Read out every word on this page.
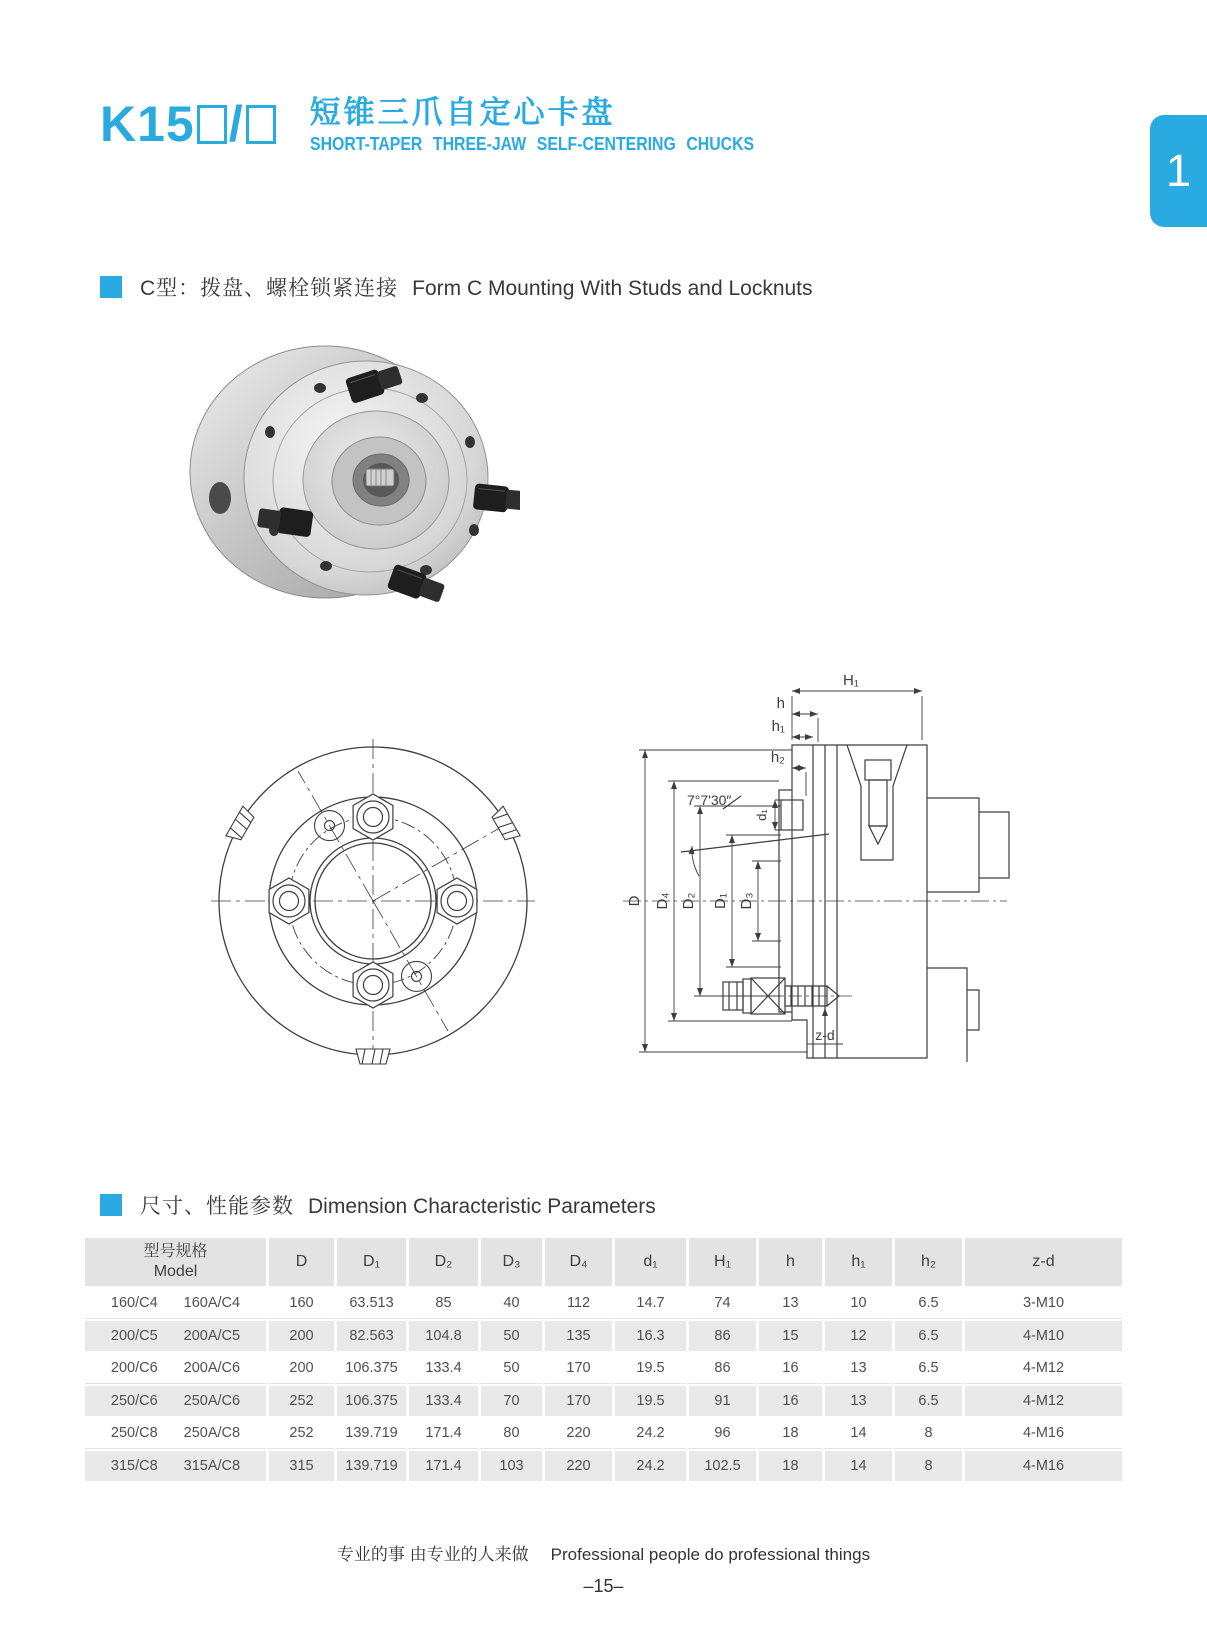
K15 /	短锥三爪自定心卡盘
SHORT-TAPER THREE-JAW SELF-CENTERING CHUCKS
1
C型：拨盘、螺栓锁紧连接 Form C Mounting With Studs and Locknuts
H₁
h
h₁
h₂
7°7'30″
d₁
D D₄ D₂ D₁ D₃
z-d
尺寸、性能参数 Dimension Characteristic Parameters
型号规格
Model	D	D₁	D₂	D₃	D₄	d₁	H₁	h	h₁	h₂	z-d

160/C4 160A/C4	160	63.513	85	40	112	14.7	74	13	10	6.5	3-M10

200/C5 200A/C5	200	82.563	104.8	50	135	16.3	86	15	12	6.5	4-M10

200/C6 200A/C6	200	106.375	133.4	50	170	19.5	86	16	13	6.5	4-M12

250/C6 250A/C6	252	106.375	133.4	70	170	19.5	91	16	13	6.5	4-M12

250/C8 250A/C8	252	139.719	171.4	80	220	24.2	96	18	14	8	4-M16

315/C8 315A/C8	315	139.719	171.4	103	220	24.2	102.5	18	14	8	4-M16
专业的事 由专业的人来做 Professional people do professional things
–15–
